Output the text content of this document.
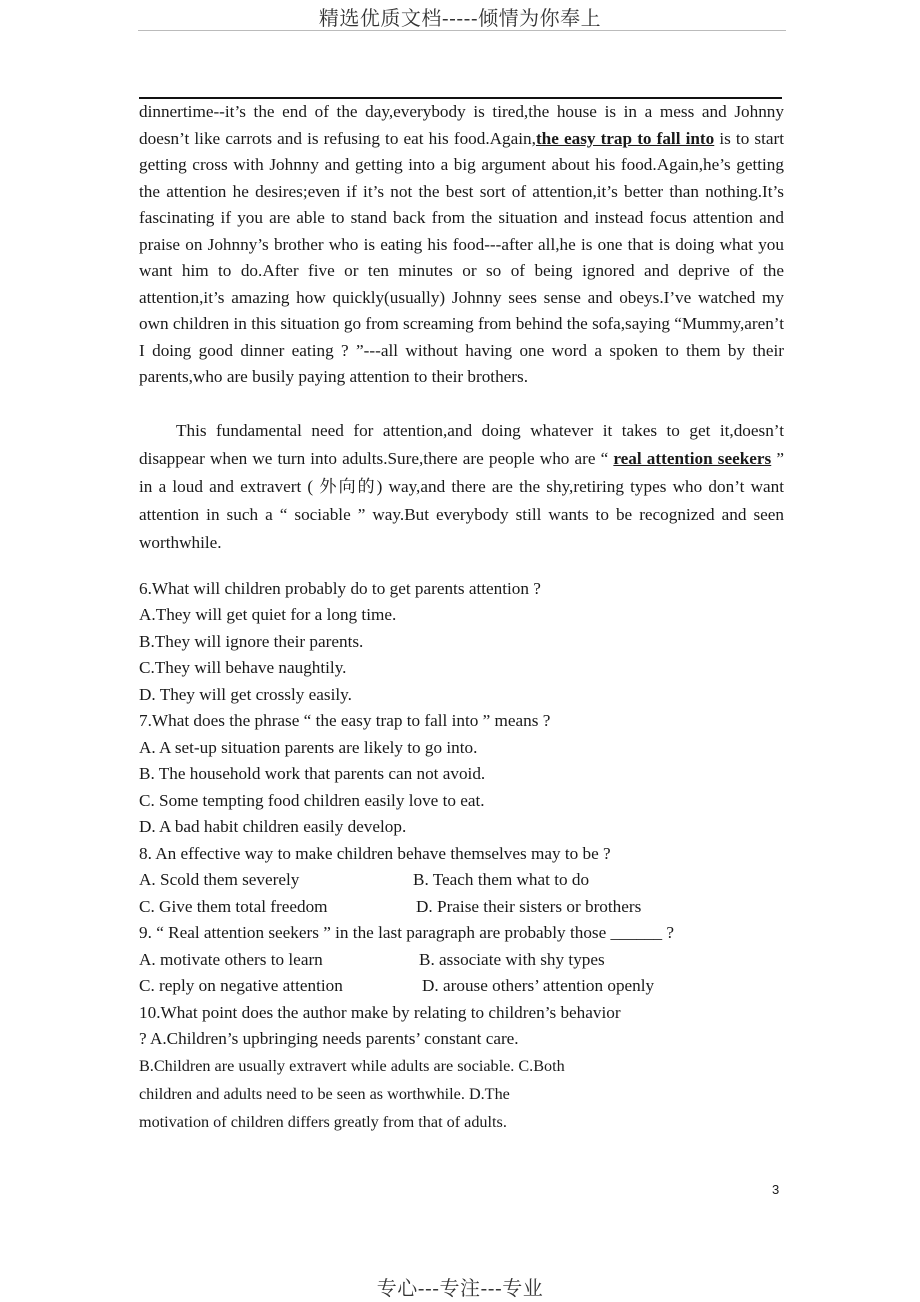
精选优质文档-----倾情为你奉上

dinnertime--it’s the end of the day,everybody is tired,the house is in a mess and Johnny doesn’t like carrots and is refusing to eat his food.Again,the easy trap to fall into is to start getting cross with Johnny and getting into a big argument about his food.Again,he’s getting the attention he desires;even if it’s not the best sort of attention,it’s better than nothing.It’s fascinating if you are able to stand back from the situation and instead focus attention and praise on Johnny’s brother who is eating his food---after all,he is one that is doing what you want him to do.After five or ten minutes or so of being ignored and deprive of the attention,it’s amazing how quickly(usually) Johnny sees sense and obeys.I’ve watched my own children in this situation go from screaming from behind the sofa,saying “Mummy,aren’t I doing good dinner eating ? ”---all without having one word a spoken to them by their parents,who are busily paying attention to their brothers.

This fundamental need for attention,and doing whatever it takes to get it,doesn’t disappear when we turn into adults.Sure,there are people who are “ real attention seekers ” in a loud and extravert ( 外向的) way,and there are the shy,retiring types who don’t want attention in such a “ sociable ” way.But everybody still wants to be recognized and seen worthwhile.

6.What will children probably do to get parents attention ?

A.They will get quiet for a long time.

B.They will ignore their parents.

C.They will behave naughtily.

D. They will get crossly easily.

7.What does the phrase “ the easy trap to fall into ” means ?

A. A set-up situation parents are likely to go into.

B. The household work that parents can not avoid.

C. Some tempting food children easily love to eat.

D. A bad habit children easily develop.

8. An effective way to make children behave themselves may to be ?

A. Scold them severely	B. Teach them what to do

C. Give them total freedom	D. Praise their sisters or brothers

9. “ Real attention seekers ” in the last paragraph are probably those ______ ?

A. motivate others to learn	B. associate with shy types

C. reply on negative attention	D. arouse others’ attention openly

10.What point does the author make by relating to children’s behavior

? A.Children’s upbringing needs parents’ constant care.

B.Children are usually extravert while adults are sociable. C.Both

children and adults need to be seen as worthwhile. D.The

motivation of children differs greatly from that of adults.

3
专心---专注---专业
